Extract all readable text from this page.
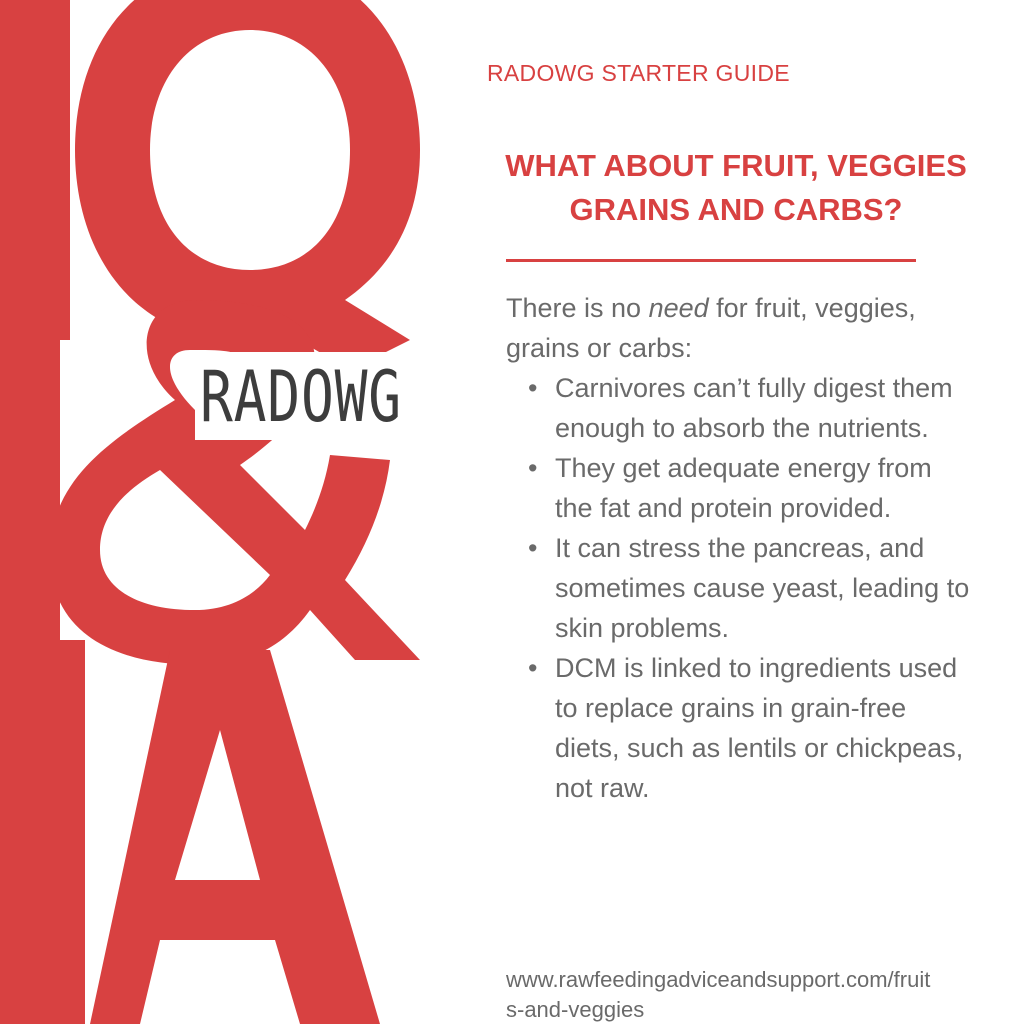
RADOWG
RADOWG STARTER GUIDE
WHAT ABOUT FRUIT, VEGGIES
GRAINS AND CARBS?

There is no need for fruit, veggies, grains or carbs:

• Carnivores can’t fully digest them enough to absorb the nutrients.
• They get adequate energy from the fat and protein provided.
• It can stress the pancreas, and sometimes cause yeast, leading to skin problems.
• DCM is linked to ingredients used to replace grains in grain-free diets, such as lentils or chickpeas, not raw.
www.rawfeedingadviceandsupport.com/fruits-and-veggies
